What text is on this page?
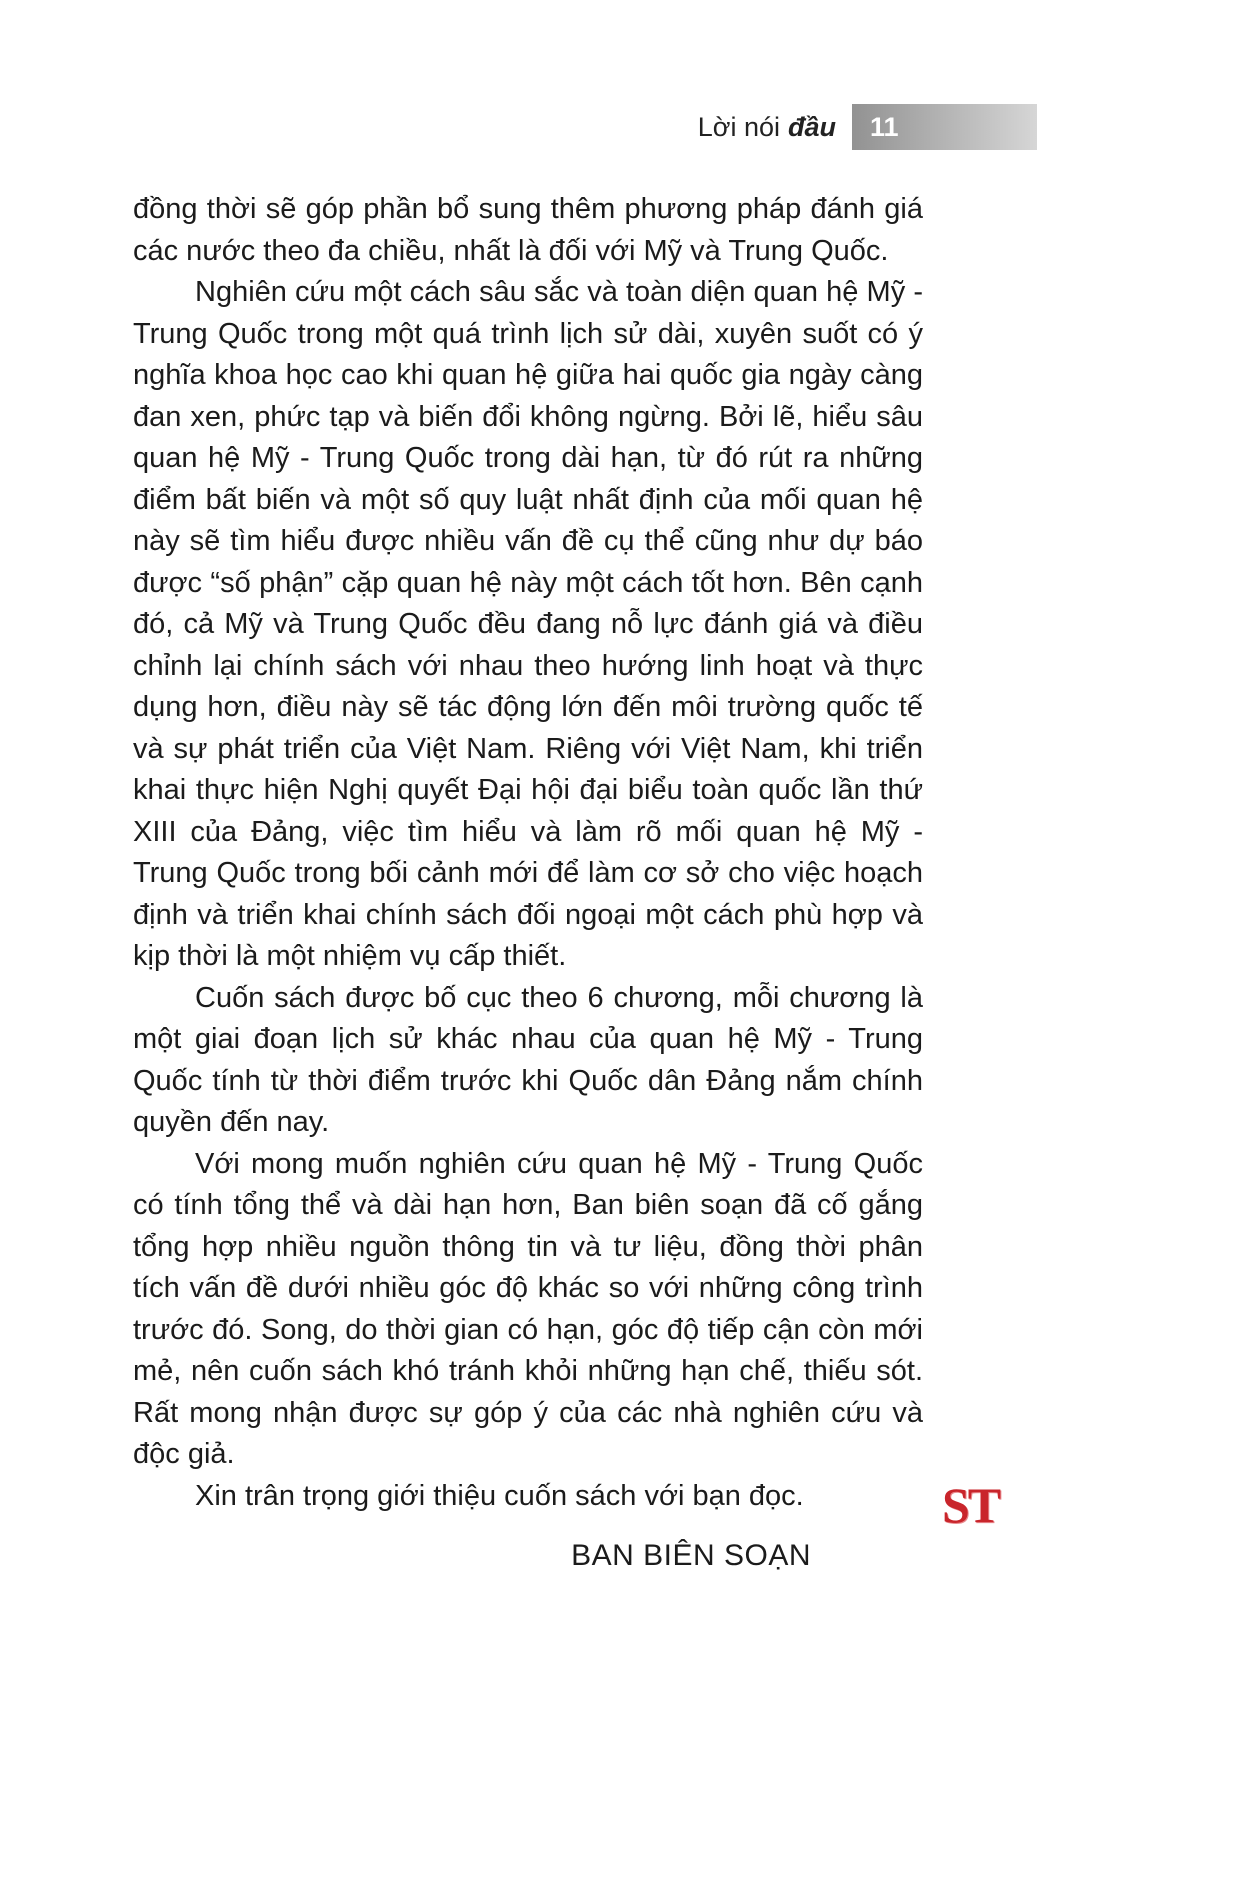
Lời nói đầu	11

đồng thời sẽ góp phần bổ sung thêm phương pháp đánh giá các nước theo đa chiều, nhất là đối với Mỹ và Trung Quốc.

Nghiên cứu một cách sâu sắc và toàn diện quan hệ Mỹ - Trung Quốc trong một quá trình lịch sử dài, xuyên suốt có ý nghĩa khoa học cao khi quan hệ giữa hai quốc gia ngày càng đan xen, phức tạp và biến đổi không ngừng. Bởi lẽ, hiểu sâu quan hệ Mỹ - Trung Quốc trong dài hạn, từ đó rút ra những điểm bất biến và một số quy luật nhất định của mối quan hệ này sẽ tìm hiểu được nhiều vấn đề cụ thể cũng như dự báo được “số phận” cặp quan hệ này một cách tốt hơn. Bên cạnh đó, cả Mỹ và Trung Quốc đều đang nỗ lực đánh giá và điều chỉnh lại chính sách với nhau theo hướng linh hoạt và thực dụng hơn, điều này sẽ tác động lớn đến môi trường quốc tế và sự phát triển của Việt Nam. Riêng với Việt Nam, khi triển khai thực hiện Nghị quyết Đại hội đại biểu toàn quốc lần thứ XIII của Đảng, việc tìm hiểu và làm rõ mối quan hệ Mỹ - Trung Quốc trong bối cảnh mới để làm cơ sở cho việc hoạch định và triển khai chính sách đối ngoại một cách phù hợp và kịp thời là một nhiệm vụ cấp thiết.

Cuốn sách được bố cục theo 6 chương, mỗi chương là một giai đoạn lịch sử khác nhau của quan hệ Mỹ - Trung Quốc tính từ thời điểm trước khi Quốc dân Đảng nắm chính quyền đến nay.

Với mong muốn nghiên cứu quan hệ Mỹ - Trung Quốc có tính tổng thể và dài hạn hơn, Ban biên soạn đã cố gắng tổng hợp nhiều nguồn thông tin và tư liệu, đồng thời phân tích vấn đề dưới nhiều góc độ khác so với những công trình trước đó. Song, do thời gian có hạn, góc độ tiếp cận còn mới mẻ, nên cuốn sách khó tránh khỏi những hạn chế, thiếu sót. Rất mong nhận được sự góp ý của các nhà nghiên cứu và độc giả.

Xin trân trọng giới thiệu cuốn sách với bạn đọc.

BAN BIÊN SOẠN
ST
